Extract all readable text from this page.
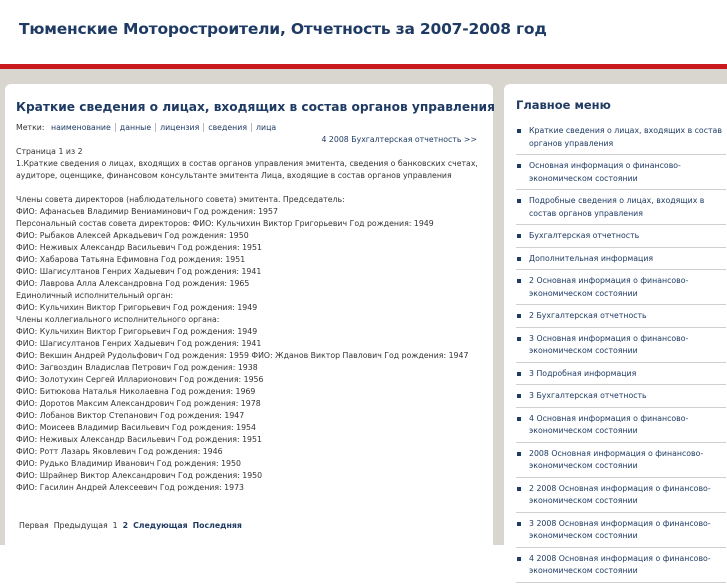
Тюменские Моторостроители, Отчетность за 2007-2008 год
Краткие сведения о лицах, входящих в состав органов управления
Метки: наименование данные лицензия сведения лица
4 2008 Бухгалтерская отчетность >>
Страница 1 из 2
1.Краткие сведения о лицах, входящих в состав органов управления эмитента, сведения о банковских счетах,
аудиторе, оценщике, финансовом консультанте эмитента Лица, входящие в состав органов управления
Члены совета директоров (наблюдательного совета) эмитента. Председатель:
ФИО: Афанасьев Владимир Вениаминович Год рождения: 1957
Персональный состав совета директоров: ФИО: Кульчихин Виктор Григорьевич Год рождения: 1949
ФИО: Рыбаков Алексей Аркадьевич Год рождения: 1950
ФИО: Неживых Александр Васильевич Год рождения: 1951
ФИО: Хабарова Татьяна Ефимовна Год рождения: 1951
ФИО: Шагисултанов Генрих Хадыевич Год рождения: 1941
ФИО: Лаврова Алла Александровна Год рождения: 1965
Единоличный исполнительный орган:
ФИО: Кульчихин Виктор Григорьевич Год рождения: 1949
Члены коллегиального исполнительного органа:
ФИО: Кульчихин Виктор Григорьевич Год рождения: 1949
ФИО: Шагисултанов Генрих Хадыевич Год рождения: 1941
ФИО: Векшин Андрей Рудольфович Год рождения: 1959 ФИО: Жданов Виктор Павлович Год рождения: 1947
ФИО: Загвоздин Владислав Петрович Год рождения: 1938
ФИО: Золотухин Сергей Илларионович Год рождения: 1956
ФИО: Битюкова Наталья Николаевна Год рождения: 1969
ФИО: Доротов Максим Александрович Год рождения: 1978
ФИО: Лобанов Виктор Степанович Год рождения: 1947
ФИО: Моисеев Владимир Васильевич Год рождения: 1954
ФИО: Неживых Александр Васильевич Год рождения: 1951
ФИО: Ротт Лазарь Яковлевич Год рождения: 1946
ФИО: Рудько Владимир Иванович Год рождения: 1950
ФИО: Шрайнер Виктор Александрович Год рождения: 1950
ФИО: Гасилин Андрей Алексеевич Год рождения: 1973
Первая Предыдущая 1 2 Следующая Последняя
Главное меню
Краткие сведения о лицах, входящих в состав органов управления
Основная информация о финансово-экономическом состоянии
Подробные сведения о лицах, входящих в состав органов управления
Бухгалтерская отчетность
Дополнительная информация
2 Основная информация о финансово-экономическом состоянии
2 Бухгалтерская отчетность
3 Основная информация о финансово-экономическом состоянии
3 Подробная информация
3 Бухгалтерская отчетность
4 Основная информация о финансово-экономическом состоянии
2008 Основная информация о финансово-экономическом состоянии
2 2008 Основная информация о финансово-экономическом состоянии
3 2008 Основная информация о финансово-экономическом состоянии
4 2008 Основная информация о финансово-экономическом состоянии
